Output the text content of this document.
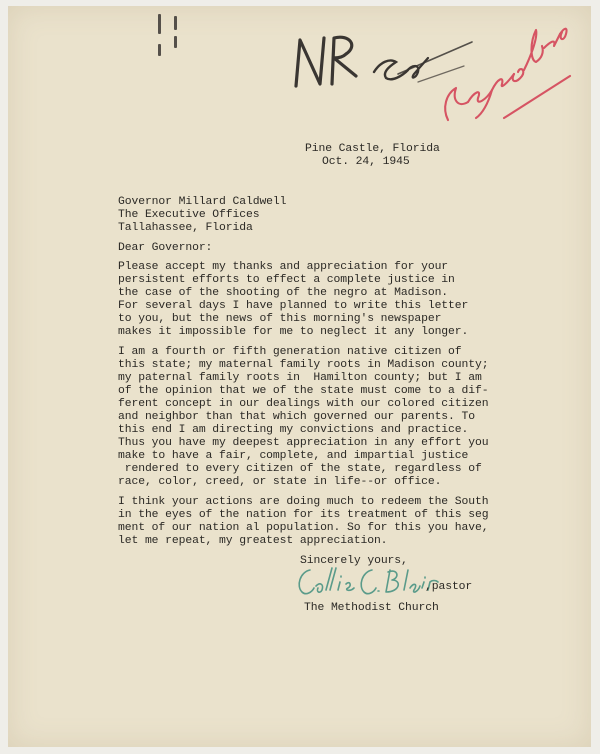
Pine Castle, Florida
Oct. 24, 1945
Governor Millard Caldwell
The Executive Offices
Tallahassee, Florida
Dear Governor:
Please accept my thanks and appreciation for your
persistent efforts to effect a complete justice in
the case of the shooting of the negro at Madison.
For several days I have planned to write this letter
to you, but the news of this morning's newspaper
makes it impossible for me to neglect it any longer.
I am a fourth or fifth generation native citizen of
this state; my maternal family roots in Madison county;
my paternal family roots in  Hamilton county; but I am
of the opinion that we of the state must come to a dif-
ferent concept in our dealings with our colored citizen
and neighbor than that which governed our parents. To
this end I am directing my convictions and practice.
Thus you have my deepest appreciation in any effort you
make to have a fair, complete, and impartial justice
rendered to every citizen of the state, regardless of
race, color, creed, or state in life--or office.
I think your actions are doing much to redeem the South
in the eyes of the nation for its treatment of this seg
ment of our nation al population. So for this you have,
let me repeat, my greatest appreciation.
Sincerely yours,
,pastor
The Methodist Church
